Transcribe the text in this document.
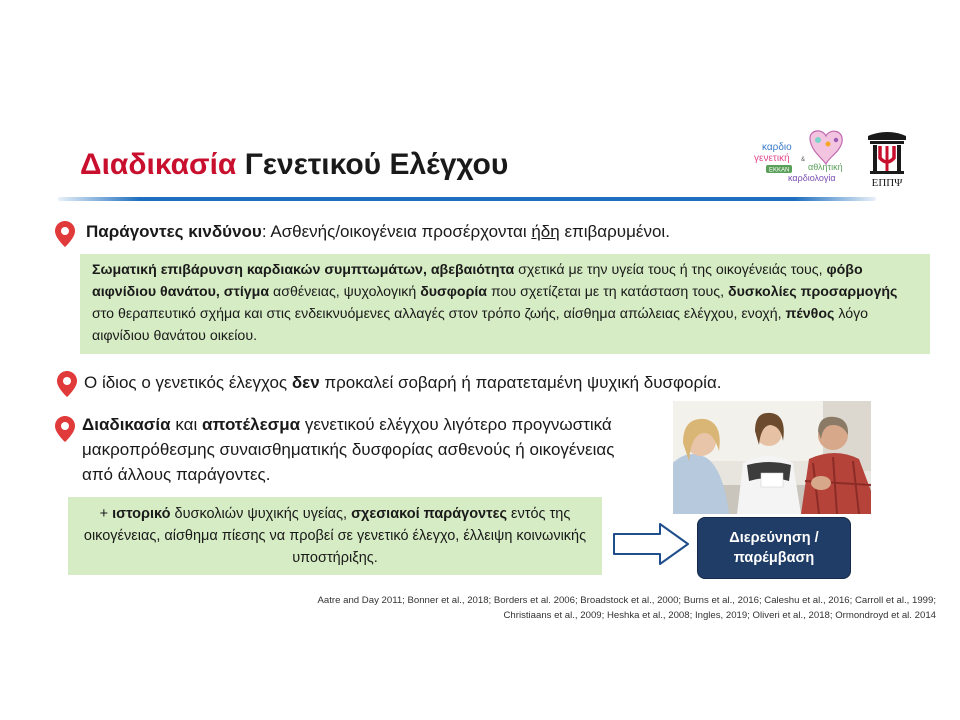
Διαδικασία Γενετικού Ελέγχου
καρδιο
γενετική &
αθλητική
ΕΚΚΑΝ
καρδιολογία	ΕΠΠΨ

Παράγοντες κινδύνου: Ασθενής/οικογένεια προσέρχονται ήδη επιβαρυμένοι.

Σωματική επιβάρυνση καρδιακών συμπτωμάτων, αβεβαιότητα σχετικά με την υγεία τους ή της οικογένειάς τους, φόβο αιφνίδιου θανάτου, στίγμα ασθένειας, ψυχολογική δυσφορία που σχετίζεται με τη κατάσταση τους, δυσκολίες προσαρμογής στο θεραπευτικό σχήμα και στις ενδεικνυόμενες αλλαγές στον τρόπο ζωής, αίσθημα απώλειας ελέγχου, ενοχή, πένθος λόγο αιφνίδιου θανάτου οικείου.

Ο ίδιος ο γενετικός έλεγχος δεν προκαλεί σοβαρή ή παρατεταμένη ψυχική δυσφορία.

Διαδικασία και αποτέλεσμα γενετικού ελέγχου λιγότερο προγνωστικά μακροπρόθεσμης συναισθηματικής δυσφορίας ασθενούς ή οικογένειας από άλλους παράγοντες.

+ ιστορικό δυσκολιών ψυχικής υγείας, σχεσιακοί παράγοντες εντός της οικογένειας, αίσθημα πίεσης να προβεί σε γενετικό έλεγχο, έλλειψη κοινωνικής υποστήριξης.
Διερεύνηση / παρέμβαση
Aatre and Day 2011; Bonner et al., 2018; Borders et al. 2006; Broadstock et al., 2000; Burns et al., 2016; Caleshu et al., 2016; Carroll et al., 1999;
Christiaans et al., 2009; Heshka et al., 2008; Ingles, 2019; Oliveri et al., 2018; Ormondroyd et al. 2014
